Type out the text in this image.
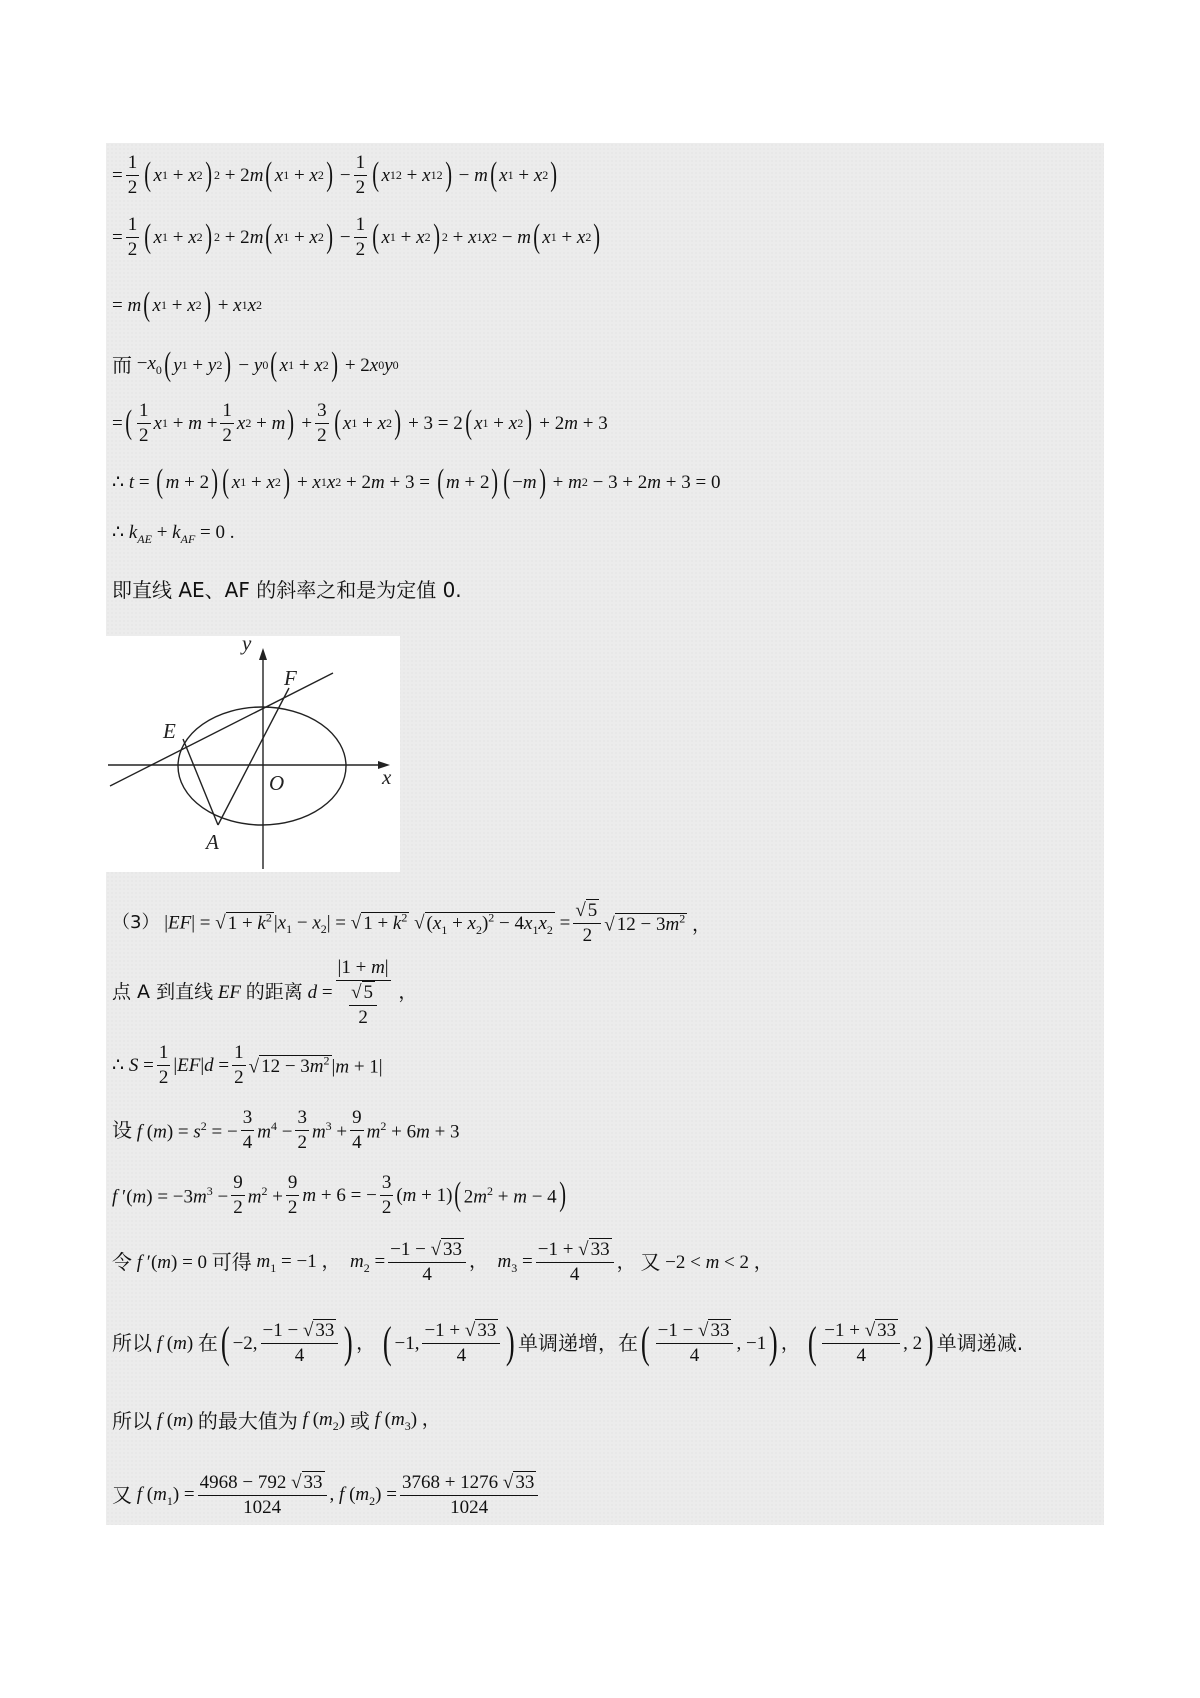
= $\frac{1}{2}$ ( x 1 + x 2 ) 2 + 2 m ( x 1 + x 2 ) − $\frac{1}{2}$ ( x 1 2 + x 1 2 ) − m ( x 1 + x 2 )
= $\frac{1}{2}$ ( x 1 + x 2 ) 2 + 2 m ( x 1 + x 2 ) − $\frac{1}{2}$ ( x 1 + x 2 ) 2 + x 1 x 2 − m ( x 1 + x 2 )
= m ( x 1 + x 2 ) + x 1 x 2
而 $-x_0$ ( y 1 + y 2 ) − y 0 ( x 1 + x 2 ) + 2 x 0 y 0
= ( $\frac{1}{2}$ x $1 + m + \frac{1}{2}$ x 2 + m ) + $\frac{3}{2}$ ( x 1 + x 2 ) + 3 = 2 ( x 1 + x 2 ) + 2 m + 3
∴ t = ( m + 2 ) ( x 1 + x 2 ) + x 1 x 2 + 2 m + 3 = ( m + 2 ) ( − m ) + m 2 − 3 + 2 m + 3 = 0
∴ $k_{AE} + k_{AF} = 0$ .
即直线 AE、AF 的斜率之和是为定值 0.
y
x
O
E
F
A
（3） |EF| = √ $1 + k^2$ $|x_1 - x_2|$ = √ $1 + k^2$ √ $(x_1 + x_2)^2 - 4x_1x_2 = \frac{√ 5}{2}$ √ $12 - 3m^2$ ，
点 A 到直线 EF 的距离 $d = \frac{|1 + m|}{\frac{√ 5}{2}}$ ，
∴ $S = \frac{1}{2} |EF|d = \frac{1}{2}$ √ $12 - 3m^2$ |m + 1|
设 f $(m) = s^2$ = − $\frac{3}{4} m^4 - \frac{3}{2} m^3 + \frac{9}{4} m^2 + 6m + 3$
f $'(m) = -3m^3 - \frac{9}{2} m^2 + \frac{9}{2}$ m + 6 = − $\frac{3}{2} (m + 1)$ ( $2m^2 + m - 4$ )
令 f ′(m) = 0 可得 $m_1 = -1$ ，  $m_2 = \frac{-1 - √ 33}{4}$ ，  $m_3 = \frac{-1 + √ 33}{4}$ ， 又 −2 < m < 2 ，
所以 f (m) 在 ( −2, $\frac{-1 - √ 33}{4}$ ) ， ( −1, $\frac{-1 + √ 33}{4}$ ) 单调递增，在 ( $\frac{-1 - √ 33}{4}$ , −1 ) ， ( $\frac{-1 + √ 33}{4}$ , 2 ) 单调递减.
所以 f (m) 的最大值为 f $(m_2)$ 或 f $(m_3)$ ，
又 f $(m_1) = \frac{4968 - 792 √ 33}{1024}$ , f $(m_2) = \frac{3768 + 1276 √ 33}{1024}$
